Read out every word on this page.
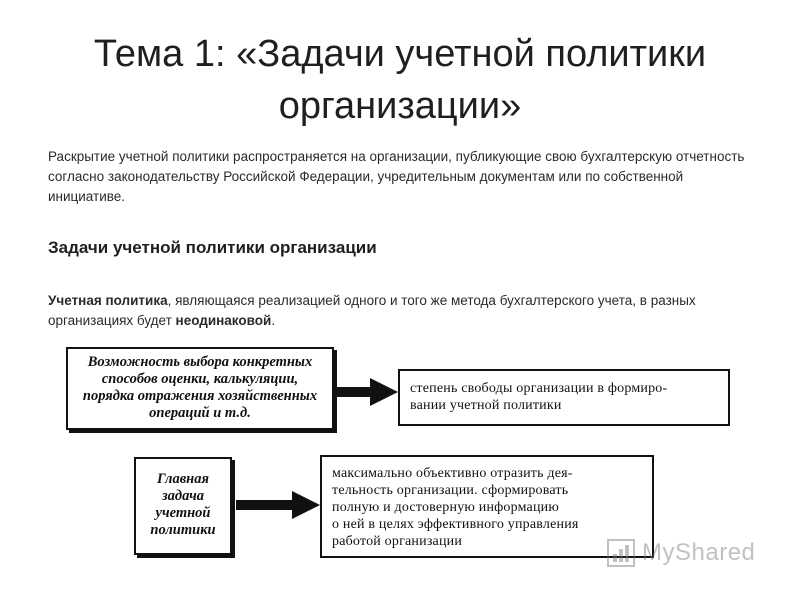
Тема 1: «Задачи учетной политики организации»
Раскрытие учетной политики распространяется на организации, публикующие свою бухгалтерскую отчетность согласно законодательству Российской Федерации, учредительным документам или по собственной инициативе.
Задачи учетной политики организации
Учетная политика, являющаяся реализацией одного и того же метода бухгалтерского учета, в разных организациях будет неодинаковой.
Возможность выбора конкретных
способов оценки, калькуляции,
порядка отражения хозяйственных
операций и т.д.
степень свободы организации в формиро-
вании учетной политики
Главная
задача
учетной
политики
максимально объективно отразить дея-
тельность организации. сформировать
полную и достоверную информацию
о ней в целях эффективного управления
работой организации	MyShared
